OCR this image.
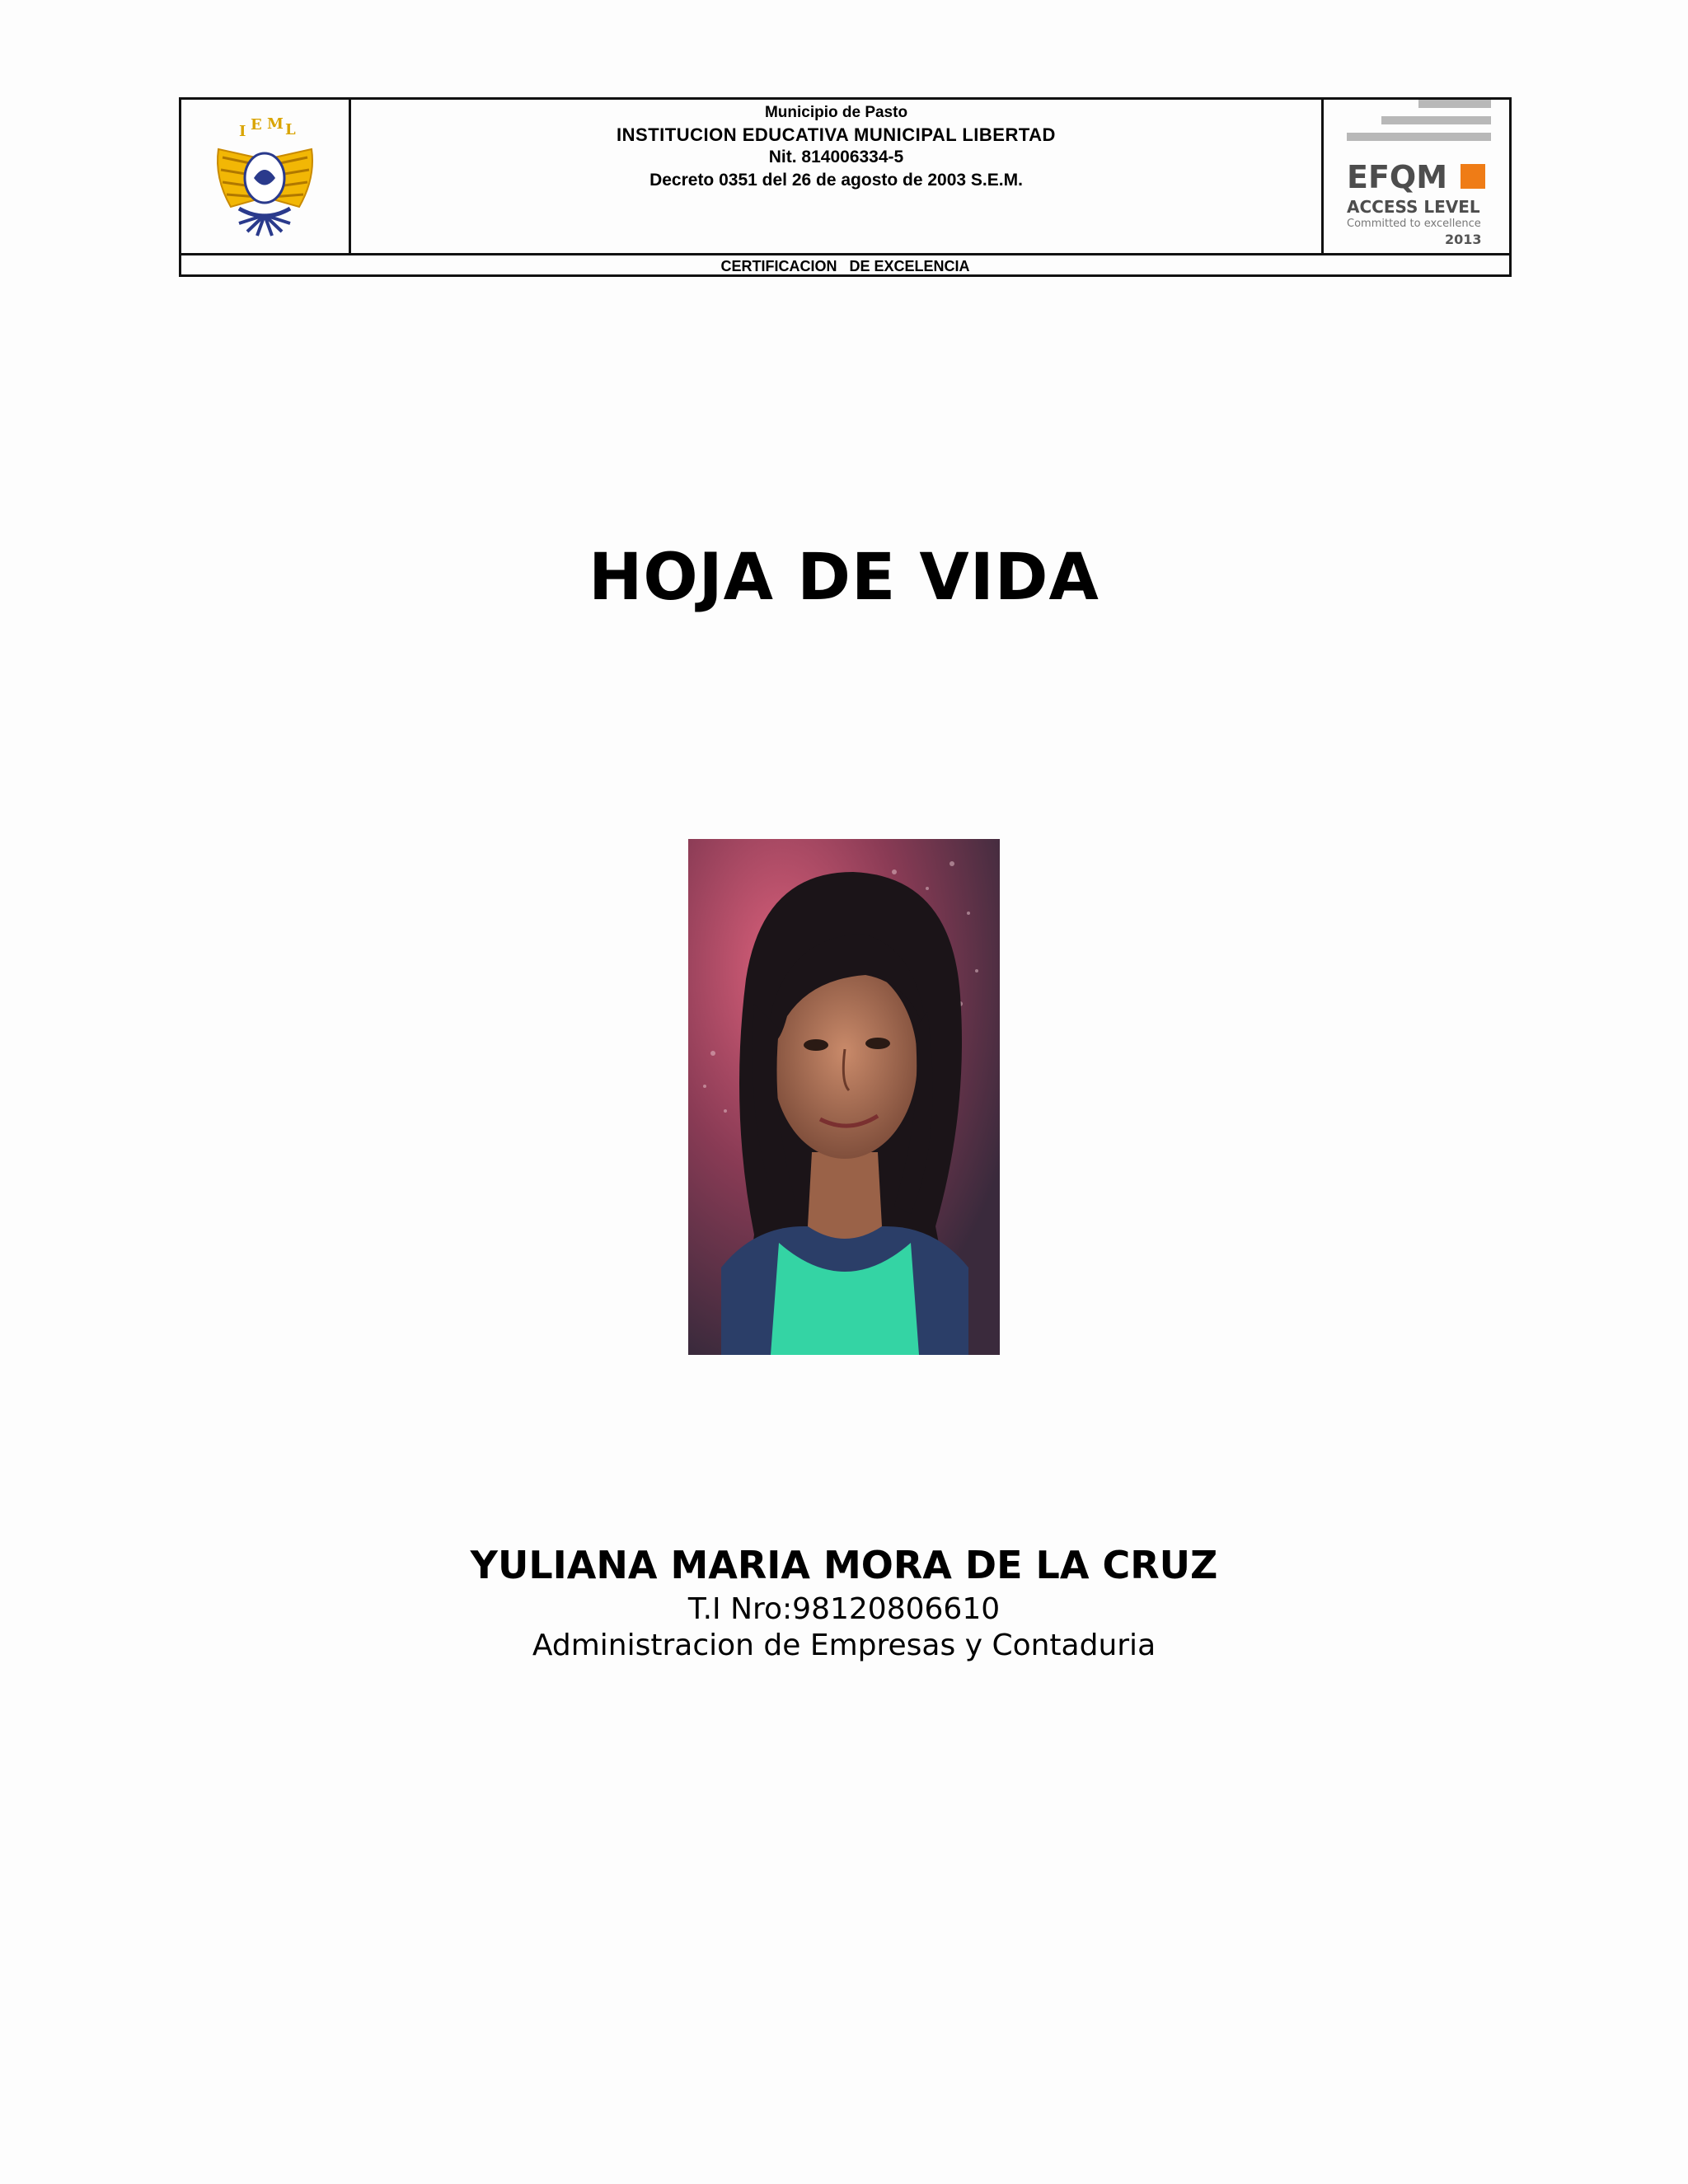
I E M L
Municipio de Pasto
INSTITUCION EDUCATIVA MUNICIPAL LIBERTAD
Nit. 814006334-5
Decreto 0351 del 26 de agosto de 2003 S.E.M.	EFQM
ACCESS LEVEL
Committed to excellence
2013
CERTIFICACION   DE EXCELENCIA
HOJA DE VIDA
YULIANA MARIA MORA DE LA CRUZ
T.I Nro:98120806610
Administracion de Empresas y Contaduria
